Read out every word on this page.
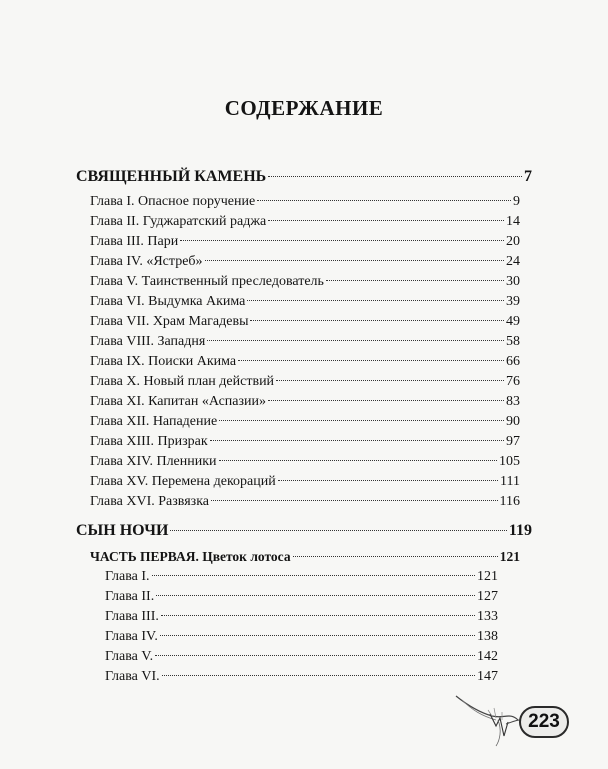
СОДЕРЖАНИЕ
СВЯЩЕННЫЙ КАМЕНЬ	7
Глава I. Опасное поручение	9
Глава II. Гуджаратский раджа	14
Глава III. Пари	20
Глава IV. «Ястреб»	24
Глава V. Таинственный преследователь	30
Глава VI. Выдумка Акима	39
Глава VII. Храм Магадевы	49
Глава VIII. Западня	58
Глава IX. Поиски Акима	66
Глава X. Новый план действий	76
Глава XI. Капитан «Аспазии»	83
Глава XII. Нападение	90
Глава XIII. Призрак	97
Глава XIV. Пленники	105
Глава XV. Перемена декораций	111
Глава XVI. Развязка	116
СЫН НОЧИ	119
ЧАСТЬ ПЕРВАЯ. Цветок лотоса	121
Глава I.	121
Глава II.	127
Глава III.	133
Глава IV.	138
Глава V.	142
Глава VI.	147
223
